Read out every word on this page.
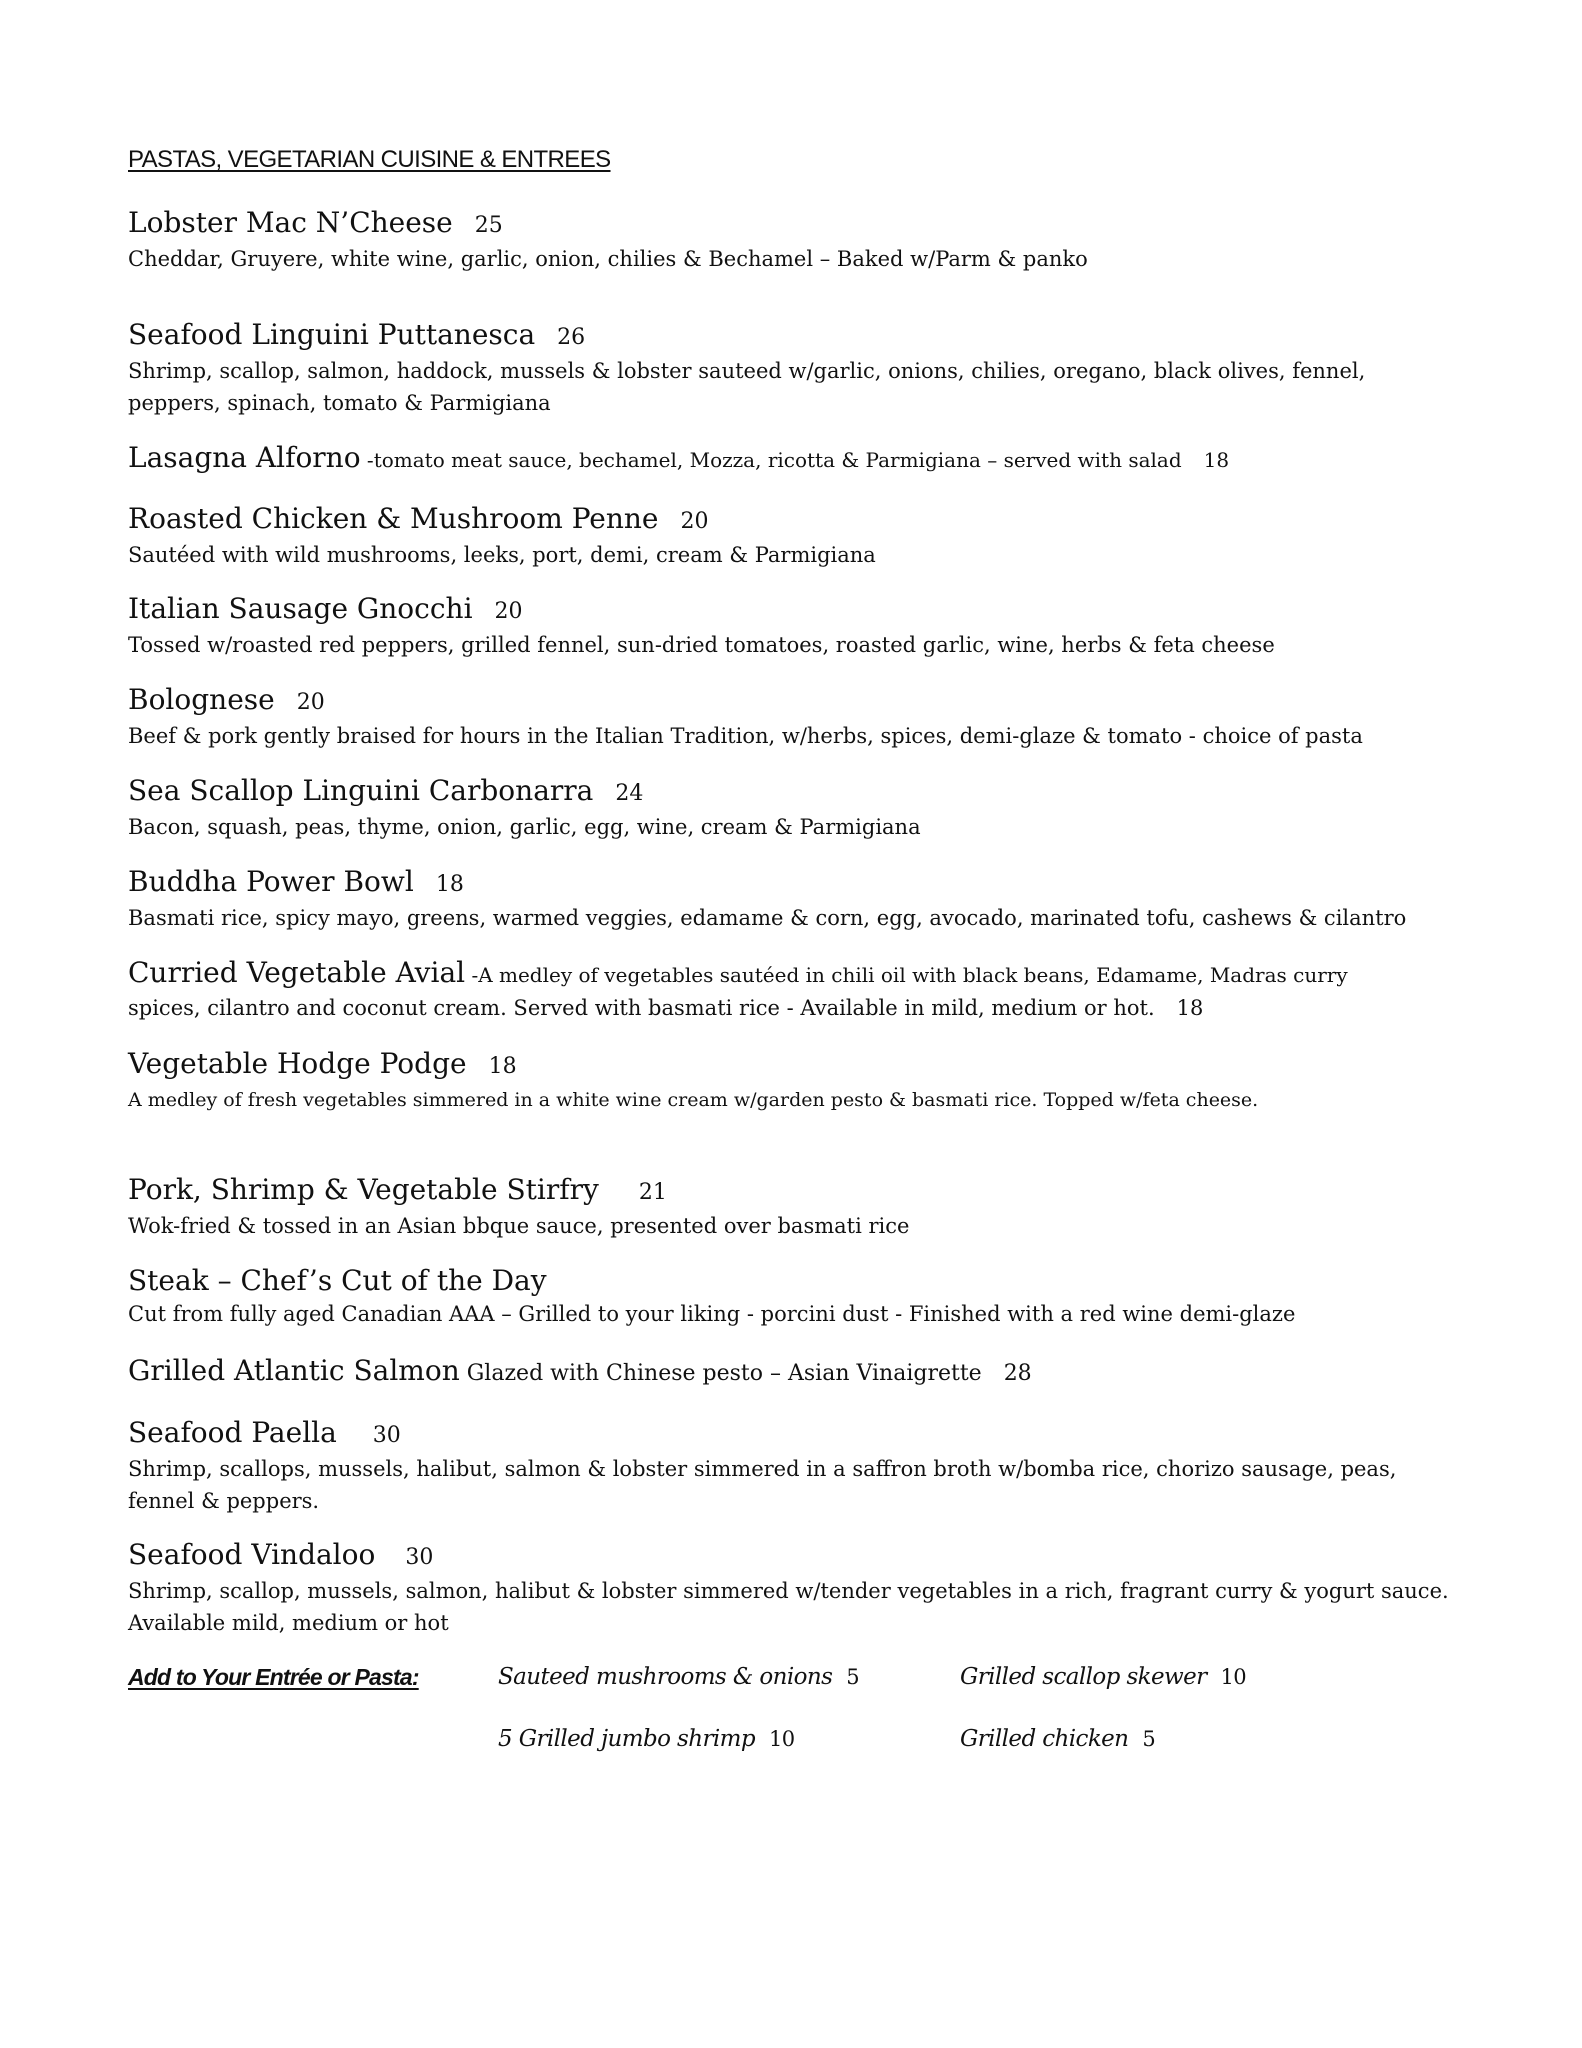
PASTAS, VEGETARIAN CUISINE & ENTREES
Lobster Mac N’Cheese 25
Cheddar, Gruyere, white wine, garlic, onion, chilies & Bechamel – Baked w/Parm & panko
Seafood Linguini Puttanesca 26
Shrimp, scallop, salmon, haddock, mussels & lobster sauteed w/garlic, onions, chilies, oregano, black olives, fennel, peppers, spinach, tomato & Parmigiana
Lasagna Alforno -tomato meat sauce, bechamel, Mozza, ricotta & Parmigiana – served with salad 18
Roasted Chicken & Mushroom Penne 20
Sautéed with wild mushrooms, leeks, port, demi, cream & Parmigiana
Italian Sausage Gnocchi 20
Tossed w/roasted red peppers, grilled fennel, sun-dried tomatoes, roasted garlic, wine, herbs & feta cheese
Bolognese 20
Beef & pork gently braised for hours in the Italian Tradition, w/herbs, spices, demi-glaze & tomato - choice of pasta
Sea Scallop Linguini Carbonarra 24
Bacon, squash, peas, thyme, onion, garlic, egg, wine, cream & Parmigiana
Buddha Power Bowl 18
Basmati rice, spicy mayo, greens, warmed veggies, edamame & corn, egg, avocado, marinated tofu, cashews & cilantro
Curried Vegetable Avial -A medley of vegetables sautéed in chili oil with black beans, Edamame, Madras curry
spices, cilantro and coconut cream. Served with basmati rice - Available in mild, medium or hot. 18
Vegetable Hodge Podge 18
A medley of fresh vegetables simmered in a white wine cream w/garden pesto & basmati rice. Topped w/feta cheese.
Pork, Shrimp & Vegetable Stirfry 21
Wok-fried & tossed in an Asian bbque sauce, presented over basmati rice
Steak – Chef’s Cut of the Day
Cut from fully aged Canadian AAA – Grilled to your liking - porcini dust - Finished with a red wine demi-glaze
Grilled Atlantic Salmon Glazed with Chinese pesto – Asian Vinaigrette 28
Seafood Paella 30
Shrimp, scallops, mussels, halibut, salmon & lobster simmered in a saffron broth w/bomba rice, chorizo sausage, peas, fennel & peppers.
Seafood Vindaloo 30
Shrimp, scallop, mussels, salmon, halibut & lobster simmered w/tender vegetables in a rich, fragrant curry & yogurt sauce. Available mild, medium or hot
Add to Your Entrée or Pasta:	Sauteed mushrooms & onions 5	Grilled scallop skewer 10
5 Grilled jumbo shrimp 10	Grilled chicken 5
